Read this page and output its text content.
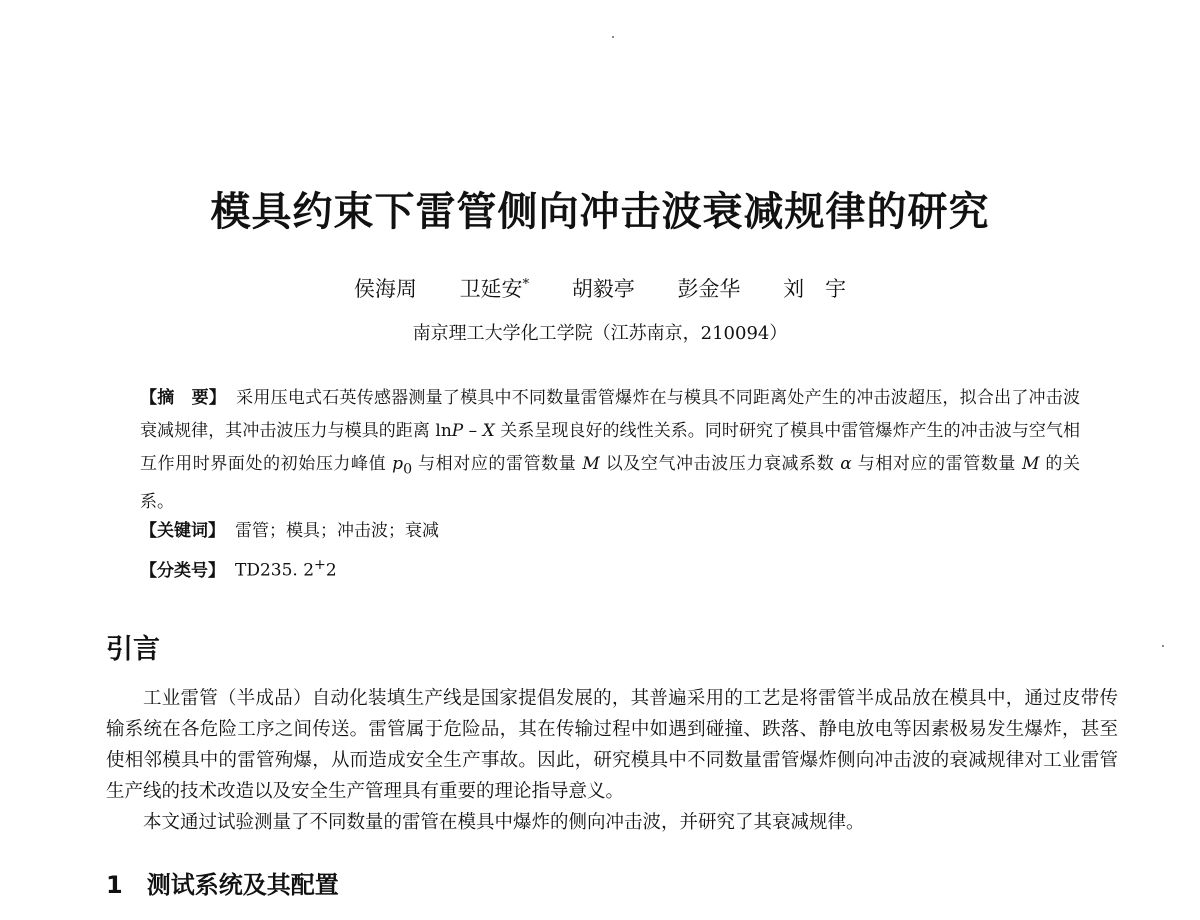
模具约束下雷管侧向冲击波衰减规律的研究
侯海周 卫延安* 胡毅亭 彭金华 刘　宇
南京理工大学化工学院（江苏南京，210094）
【摘　要】 采用压电式石英传感器测量了模具中不同数量雷管爆炸在与模具不同距离处产生的冲击波超压，拟合出了冲击波衰减规律，其冲击波压力与模具的距离 lnP – X 关系呈现良好的线性关系。同时研究了模具中雷管爆炸产生的冲击波与空气相互作用时界面处的初始压力峰值 $p_0$ 与相对应的雷管数量 M 以及空气冲击波压力衰减系数 α 与相对应的雷管数量 M 的关系。
【关键词】 雷管；模具；冲击波；衰减
【分类号】 TD235. 2+2
引言

工业雷管（半成品）自动化装填生产线是国家提倡发展的，其普遍采用的工艺是将雷管半成品放在模具中，通过皮带传输系统在各危险工序之间传送。雷管属于危险品，其在传输过程中如遇到碰撞、跌落、静电放电等因素极易发生爆炸，甚至使相邻模具中的雷管殉爆，从而造成安全生产事故。因此，研究模具中不同数量雷管爆炸侧向冲击波的衰减规律对工业雷管生产线的技术改造以及安全生产管理具有重要的理论指导意义。

本文通过试验测量了不同数量的雷管在模具中爆炸的侧向冲击波，并研究了其衰减规律。

1 测试系统及其配置
